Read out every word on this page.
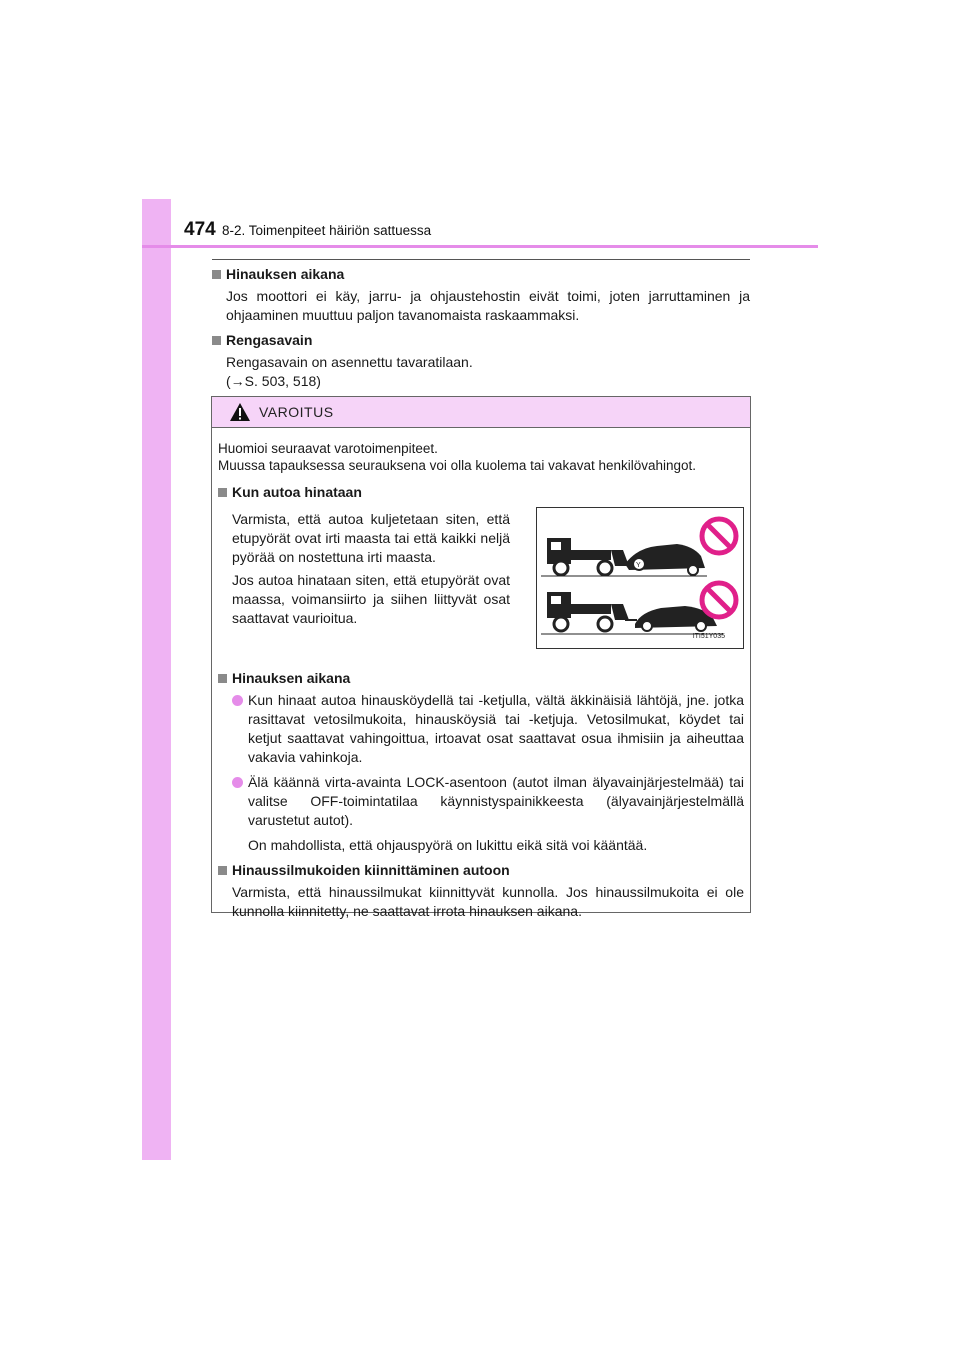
474 8-2. Toimenpiteet häiriön sattuessa
Hinauksen aikana
Jos moottori ei käy, jarru- ja ohjaustehostin eivät toimi, joten jarruttaminen ja ohjaaminen muuttuu paljon tavanomaista raskaammaksi.
Rengasavain
Rengasavain on asennettu tavaratilaan.
(→S. 503, 518)
VAROITUS
Huomioi seuraavat varotoimenpiteet.
Muussa tapauksessa seurauksena voi olla kuolema tai vakavat henkilövahingot.
Kun autoa hinataan

Varmista, että autoa kuljetetaan siten, että etupyörät ovat irti maasta tai että kaikki neljä pyörää on nostettuna irti maasta.

Jos autoa hinataan siten, että etupyörät ovat maassa, voimansiirto ja siihen liittyvät osat saattavat vaurioitua.

Y
ITI51Y035
Hinauksen aikana
Kun hinaat autoa hinausköydellä tai -ketjulla, vältä äkkinäisiä lähtöjä, jne. jotka rasittavat vetosilmukoita, hinausköysiä tai -ketjuja. Vetosilmukat, köydet tai ketjut saattavat vahingoittua, irtoavat osat saattavat osua ihmisiin ja aiheuttaa vakavia vahinkoja.
Älä käännä virta-avainta LOCK-asentoon (autot ilman älyavainjärjestelmää) tai valitse OFF-toimintatilaa käynnistyspainikkeesta (älyavainjärjestelmällä varustetut autot).
On mahdollista, että ohjauspyörä on lukittu eikä sitä voi kääntää.
Hinaussilmukoiden kiinnittäminen autoon
Varmista, että hinaussilmukat kiinnittyvät kunnolla. Jos hinaussilmukoita ei ole kunnolla kiinnitetty, ne saattavat irrota hinauksen aikana.
